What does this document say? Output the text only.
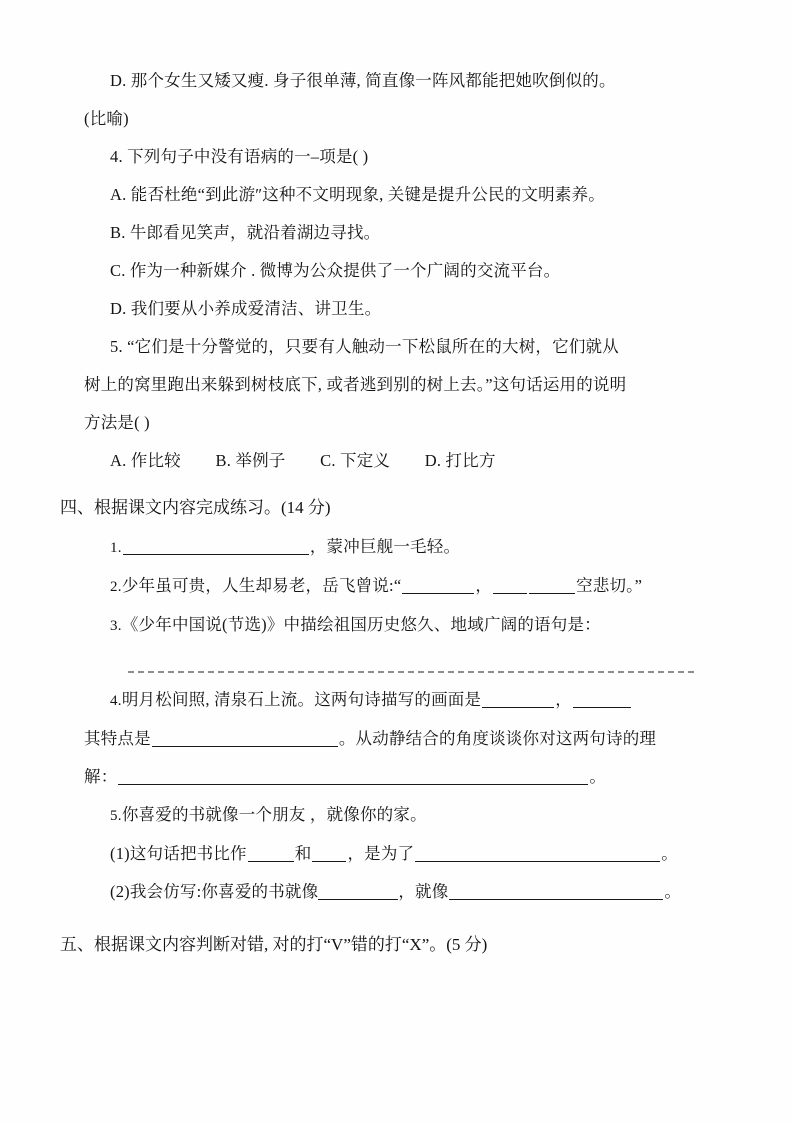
D. 那个女生又矮又瘦. 身子很单薄, 简直像一阵风都能把她吹倒似的。
(比喻)
4. 下列句子中没有语病的一–项是( )
A. 能否杜绝“到此游″这种不文明现象, 关键是提升公民的文明素养。
B. 牛郎看见笑声，就沿着湖边寻找。
C. 作为一种新媒介 . 微博为公众提供了一个广阔的交流平台。
D. 我们要从小养成爱清洁、讲卫生。
5. “它们是十分警觉的，只要有人触动一下松鼠所在的大树，它们就从
树上的窝里跑出来躲到树枝底下, 或者逃到别的树上去。”这句话运用的说明
方法是( )
A. 作比较 B. 举例子 C. 下定义 D. 打比方
四、根据课文内容完成练习。(14 分)
1.	，蒙冲巨舰一毛轻。
2.少年虽可贵，人生却易老，岳飞曾说:“	，	空悲切。”
3.《少年中国说(节选)》中描绘祖国历史悠久、地域广阔的语句是：
4.明月松间照, 清泉石上流。这两句诗描写的画面是	，
其特点是	。从动静结合的角度谈谈你对这两句诗的理
解：	。
5.你喜爱的书就像一个朋友 ，就像你的家。
(1)这句话把书比作	和 ，是为了	。
(2)我会仿写:你喜爱的书就像	，就像	。
五、根据课文内容判断对错, 对的打“V”错的打“X”。(5 分)
